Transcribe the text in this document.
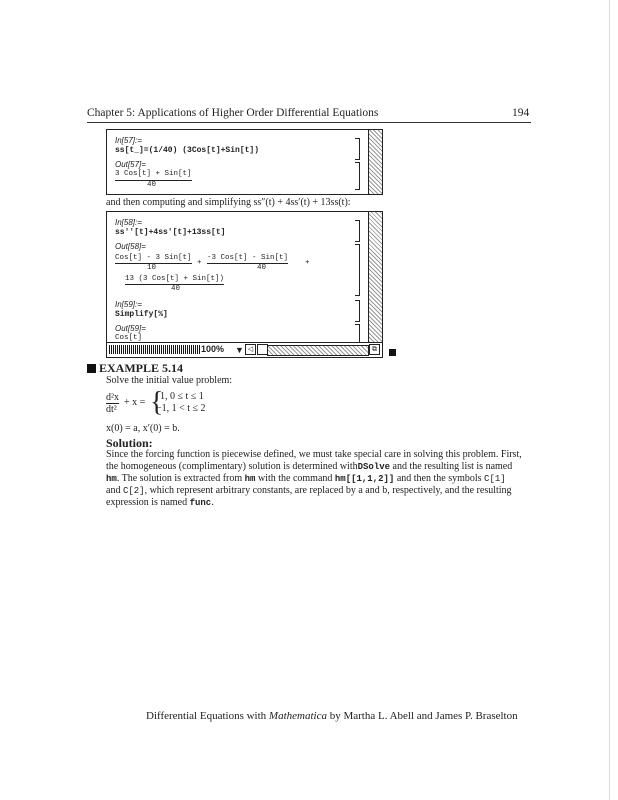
Chapter 5: Applications of Higher Order Differential Equations	194
In[57]:=
ss[t_]=(1/40) (3Cos[t]+Sin[t])
Out[57]=
3 Cos[t] + Sin[t]
40
and then computing and simplifying ss″(t) + 4ss′(t) + 13ss(t):
In[58]:=
ss''[t]+4ss'[t]+13ss[t]
Out[58]=
Cos[t] - 3 Sin[t]
10
+
-3 Cos[t] - Sin[t]
40
+
13 (3 Cos[t] + Sin[t])
40
In[59]:=
Simplify[%]
Out[59]=
Cos[t]
100% ▼ ◁	⧉
EXAMPLE 5.14
Solve the initial value problem:
d²x
dt²
+ x = {
1, 0 ≤ t ≤ 1
−1, 1 < t ≤ 2
x(0) = a, x′(0) = b.
Solution:
Since the forcing function is piecewise defined, we must take special care in solving this problem. First,
the homogeneous (complimentary) solution is determined withDSolve and the resulting list is named
hm. The solution is extracted from hm with the command hm[[1,1,2]] and then the symbols C[1]
and C[2], which represent arbitrary constants, are replaced by a and b, respectively, and the resulting
expression is named func.
Differential Equations with Mathematica by Martha L. Abell and James P. Braselton
